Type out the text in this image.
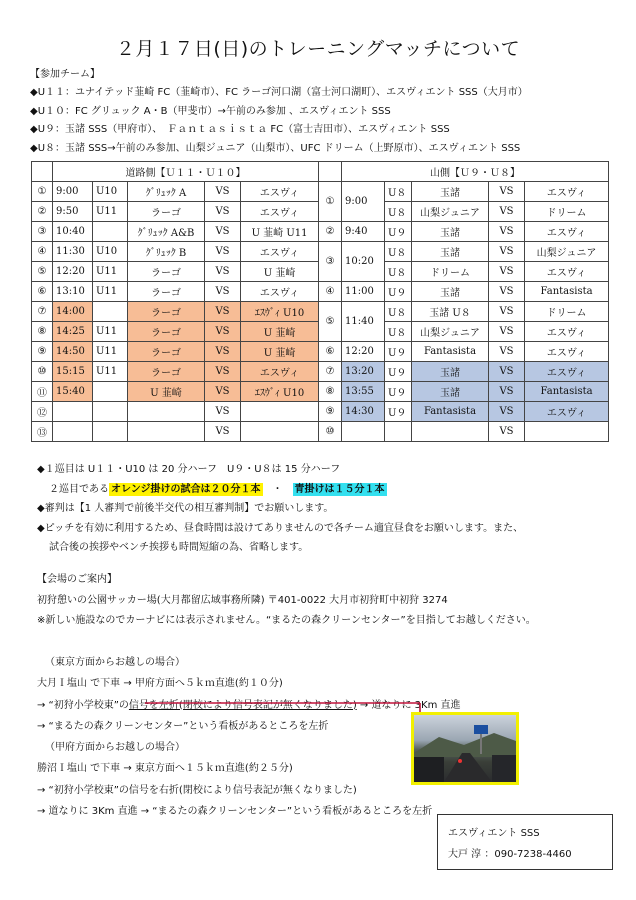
２月１７日(日)のトレーニングマッチについて
【参加チーム】
◆U１１：ユナイテッド韮崎 FC（韮崎市）、FC ラーゴ河口湖（富士河口湖町）、エスヴィエント SSS（大月市）
◆U１０：FC グリュック A・B（甲斐市）→午前のみ参加 、エスヴィエント SSS
◆U９：玉諸 SSS（甲府市）、　Ｆａｎｔａｓｉｓｔａ FC（富士吉田市）、エスヴィエント SSS
◆U８：玉諸 SSS→午前のみ参加、山梨ジュニア（山梨市）、UFC ドリーム（上野原市）、エスヴィエント SSS
	道路側【Ｕ１１・Ｕ１０】				
①	9:00	U10	ｸﾞﾘｭｯｸ A	VS	エスヴィ
②	9:50	U11	ラーゴ	VS	エスヴィ
③	10:40		ｸﾞﾘｭｯｸ A&B	VS	U 韮崎 U11
④	11:30	U10	ｸﾞﾘｭｯｸ B	VS	エスヴィ
⑤	12:20	U11	ラーゴ	VS	U 韮崎
⑥	13:10	U11	ラーゴ	VS	エスヴィ
⑦	14:00		ラーゴ	VS	ｴｽｳﾞｨ U10
⑧	14:25	U11	ラーゴ	VS	U 韮崎
⑨	14:50	U11	ラーゴ	VS	U 韮崎
⑩	15:15	U11	ラーゴ	VS	エスヴィ
⑪	15:40		U 韮崎	VS	ｴｽｳﾞｨ U10
⑫				VS	
⑬				VS	
	山側【Ｕ９・Ｕ８】				
①	9:00	U８	玉諸	VS	エスヴィ
		U８	山梨ジュニア	VS	ドリーム
②	9:40	U９	玉諸	VS	エスヴィ
③	10:20	U８	玉諸	VS	山梨ジュニア
		U８	ドリーム	VS	エスヴィ
④	11:00	U９	玉諸	VS	Fantasista
⑤	11:40	U８	玉諸 U８	VS	ドリーム
		U８	山梨ジュニア	VS	エスヴィ
⑥	12:20	U９	Fantasista	VS	エスヴィ
⑦	13:20	U９	玉諸	VS	エスヴィ
⑧	13:55	U９	玉諸	VS	Fantasista
⑨	14:30	U９	Fantasista	VS	エスヴィ
⑩				VS	
◆１巡目は U１１・U10 は 20 分ハーフ　U９・U８は 15 分ハーフ
２巡目である オレンジ掛けの試合は２０分１本　 ・　 青掛けは１５分１本
◆審判は【1 人審判で前後半交代の相互審判制】でお願いします。
◆ピッチを有効に利用するため、昼食時間は設けてありませんので各チーム適宜昼食をお願いします。また、
試合後の挨拶やベンチ挨拶も時間短縮の為、省略します。
【会場のご案内】
初狩憩いの公園サッカー場(大月都留広域事務所隣) 〒401-0022 大月市初狩町中初狩 3274
※新しい施設なのでカーナビには表示されません。“まるたの森クリーンセンター”を目指してお越しください。
（東京方面からお越しの場合）
大月Ｉ塩山 で下車 → 甲府方面へ５ｋｍ直進(約１０分)
→ “初狩小学校東”の信号を左折(閉校により信号表記が無くなりました) → 道なりに 3Km 直進
→ “まるたの森クリーンセンター”という看板があるところを左折
（甲府方面からお越しの場合）
勝沼Ｉ塩山 で下車 → 東京方面へ１５ｋｍ直進(約２５分)
→ “初狩小学校東”の信号を右折(閉校により信号表記が無くなりました)
→ 道なりに 3Km 直進 → “まるたの森クリーンセンター”という看板があるところを左折
エスヴィエント SSS
大戸 淳 ：090-7238-4460
